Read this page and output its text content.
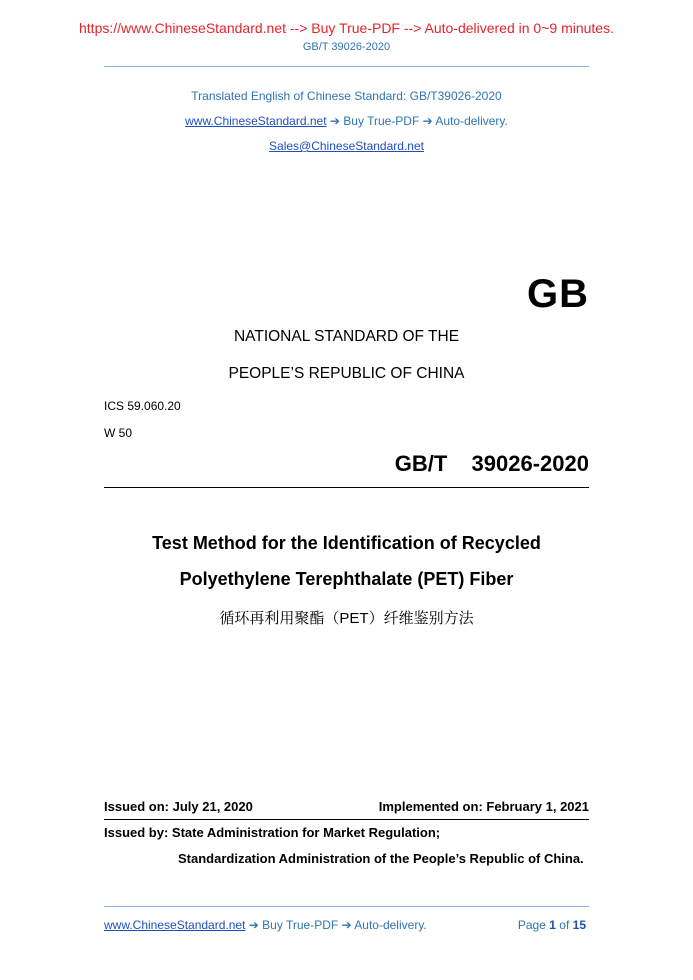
https://www.ChineseStandard.net --> Buy True-PDF --> Auto-delivered in 0~9 minutes.
GB/T 39026-2020
Translated English of Chinese Standard: GB/T39026-2020
www.ChineseStandard.net ➔ Buy True-PDF ➔ Auto-delivery.
Sales@ChineseStandard.net
GB
NATIONAL STANDARD OF THE
PEOPLE’S REPUBLIC OF CHINA
ICS 59.060.20
W 50
GB/T  39026-2020
Test Method for the Identification of Recycled
Polyethylene Terephthalate (PET) Fiber
循环再利用聚酯（PET）纤维鉴别方法
Issued on: July 21, 2020	Implemented on: February 1, 2021
Issued by: State Administration for Market Regulation;
Standardization Administration of the People’s Republic of China.
www.ChineseStandard.net ➔ Buy True-PDF ➔ Auto-delivery.	Page 1 of 15
